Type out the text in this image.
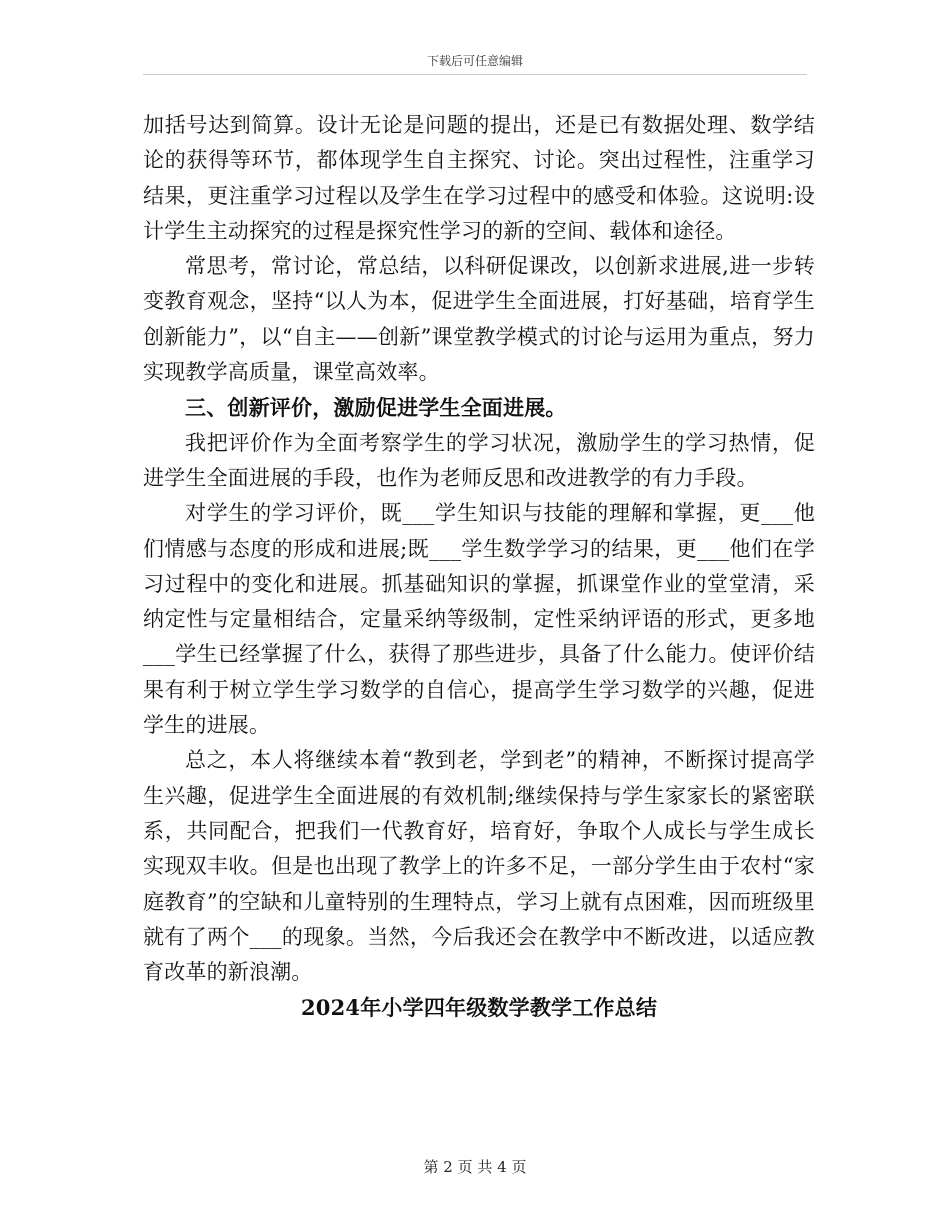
下载后可任意编辑

加括号达到简算。设计无论是问题的提出，还是已有数据处理、数学结论的获得等环节，都体现学生自主探究、讨论。突出过程性，注重学习结果，更注重学习过程以及学生在学习过程中的感受和体验。这说明:设计学生主动探究的过程是探究性学习的新的空间、载体和途径。

常思考，常讨论，常总结，以科研促课改，以创新求进展,进一步转变教育观念，坚持“以人为本，促进学生全面进展，打好基础，培育学生创新能力”，以“自主——创新”课堂教学模式的讨论与运用为重点，努力实现教学高质量，课堂高效率。

三、创新评价，激励促进学生全面进展。

我把评价作为全面考察学生的学习状况，激励学生的学习热情，促进学生全面进展的手段，也作为老师反思和改进教学的有力手段。

对学生的学习评价，既___学生知识与技能的理解和掌握，更___他们情感与态度的形成和进展;既___学生数学学习的结果，更___他们在学习过程中的变化和进展。抓基础知识的掌握，抓课堂作业的堂堂清，采纳定性与定量相结合，定量采纳等级制，定性采纳评语的形式，更多地___学生已经掌握了什么，获得了那些进步，具备了什么能力。使评价结果有利于树立学生学习数学的自信心，提高学生学习数学的兴趣，促进学生的进展。

总之，本人将继续本着“教到老，学到老”的精神，不断探讨提高学生兴趣，促进学生全面进展的有效机制;继续保持与学生家家长的紧密联系，共同配合，把我们一代教育好，培育好，争取个人成长与学生成长实现双丰收。但是也出现了教学上的许多不足，一部分学生由于农村“家庭教育”的空缺和儿童特别的生理特点，学习上就有点困难，因而班级里就有了两个___的现象。当然，今后我还会在教学中不断改进，以适应教育改革的新浪潮。

2024年小学四年级数学教学工作总结

第 2 页 共 4 页
